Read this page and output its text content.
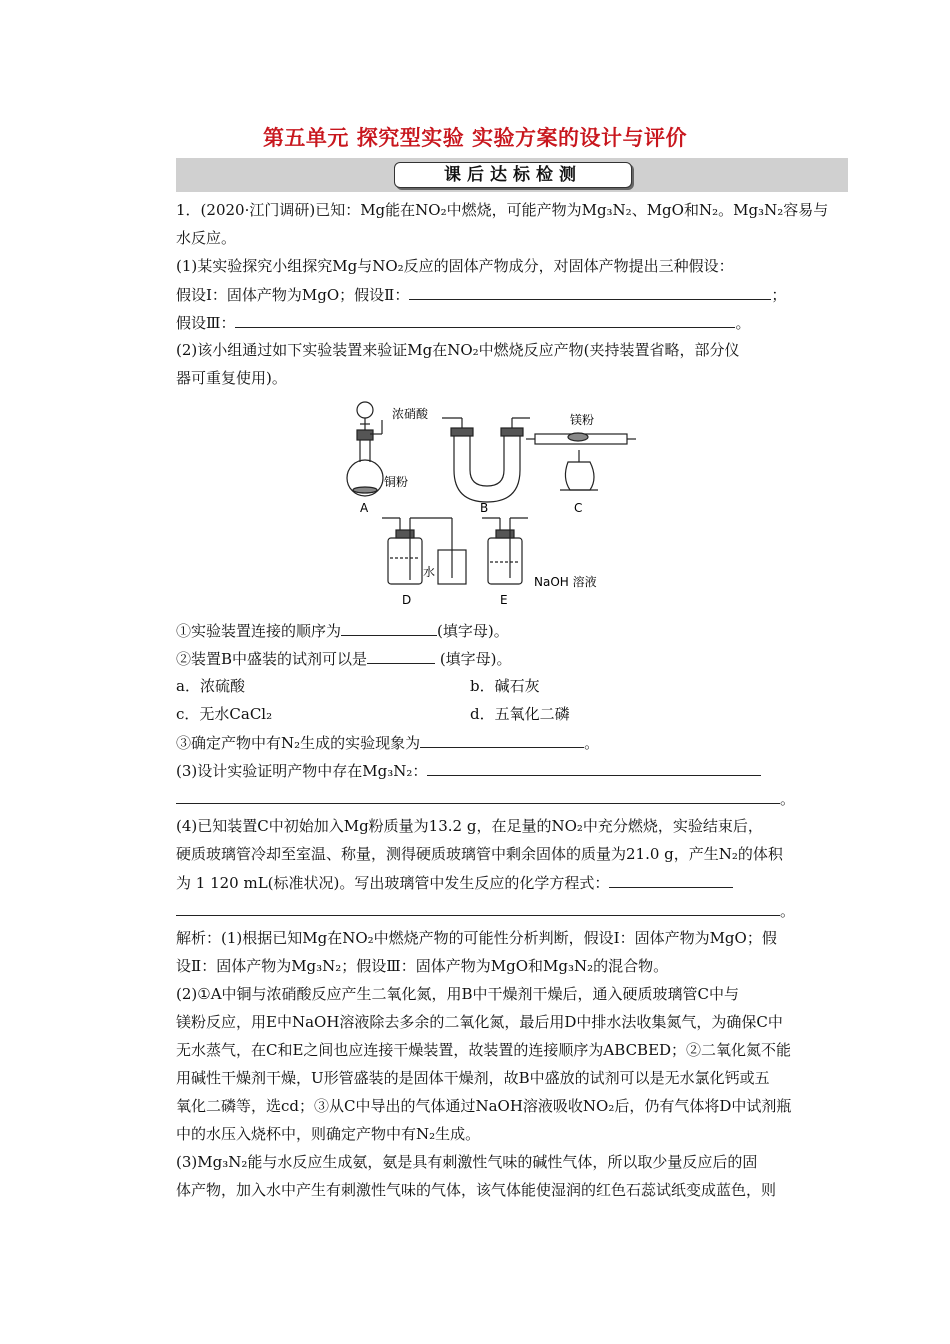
第五单元 探究型实验 实验方案的设计与评价
课后达标检测
1．(2020·江门调研)已知：Mg能在NO₂中燃烧，可能产物为Mg₃N₂、MgO和N₂。Mg₃N₂容易与
水反应。
(1)某实验探究小组探究Mg与NO₂反应的固体产物成分，对固体产物提出三种假设：
假设Ⅰ：固体产物为MgO；假设Ⅱ：	；
假设Ⅲ：	。
(2)该小组通过如下实验装置来验证Mg在NO₂中燃烧反应产物(夹持装置省略，部分仪
器可重复使用)。
浓硝酸
铜粉
镁粉
水
NaOH 溶液
A	B	C
D	E
①实验装置连接的顺序为	(填字母)。
②装置B中盛装的试剂可以是	(填字母)。
a．浓硫酸	b．碱石灰
c．无水CaCl₂	d．五氧化二磷
③确定产物中有N₂生成的实验现象为	。
(3)设计实验证明产物中存在Mg₃N₂：
。
(4)已知装置C中初始加入Mg粉质量为13.2 g，在足量的NO₂中充分燃烧，实验结束后，
硬质玻璃管冷却至室温、称量，测得硬质玻璃管中剩余固体的质量为21.0 g，产生N₂的体积
为 1 120 mL(标准状况)。写出玻璃管中发生反应的化学方程式：
。
解析：(1)根据已知Mg在NO₂中燃烧产物的可能性分析判断，假设Ⅰ：固体产物为MgO；假
设Ⅱ：固体产物为Mg₃N₂；假设Ⅲ：固体产物为MgO和Mg₃N₂的混合物。
(2)①A中铜与浓硝酸反应产生二氧化氮，用B中干燥剂干燥后，通入硬质玻璃管C中与
镁粉反应，用E中NaOH溶液除去多余的二氧化氮，最后用D中排水法收集氮气，为确保C中
无水蒸气，在C和E之间也应连接干燥装置，故装置的连接顺序为ABCBED；②二氧化氮不能
用碱性干燥剂干燥，U形管盛装的是固体干燥剂，故B中盛放的试剂可以是无水氯化钙或五
氧化二磷等，选cd；③从C中导出的气体通过NaOH溶液吸收NO₂后，仍有气体将D中试剂瓶
中的水压入烧杯中，则确定产物中有N₂生成。
(3)Mg₃N₂能与水反应生成氨，氨是具有刺激性气味的碱性气体，所以取少量反应后的固
体产物，加入水中产生有刺激性气味的气体，该气体能使湿润的红色石蕊试纸变成蓝色，则
